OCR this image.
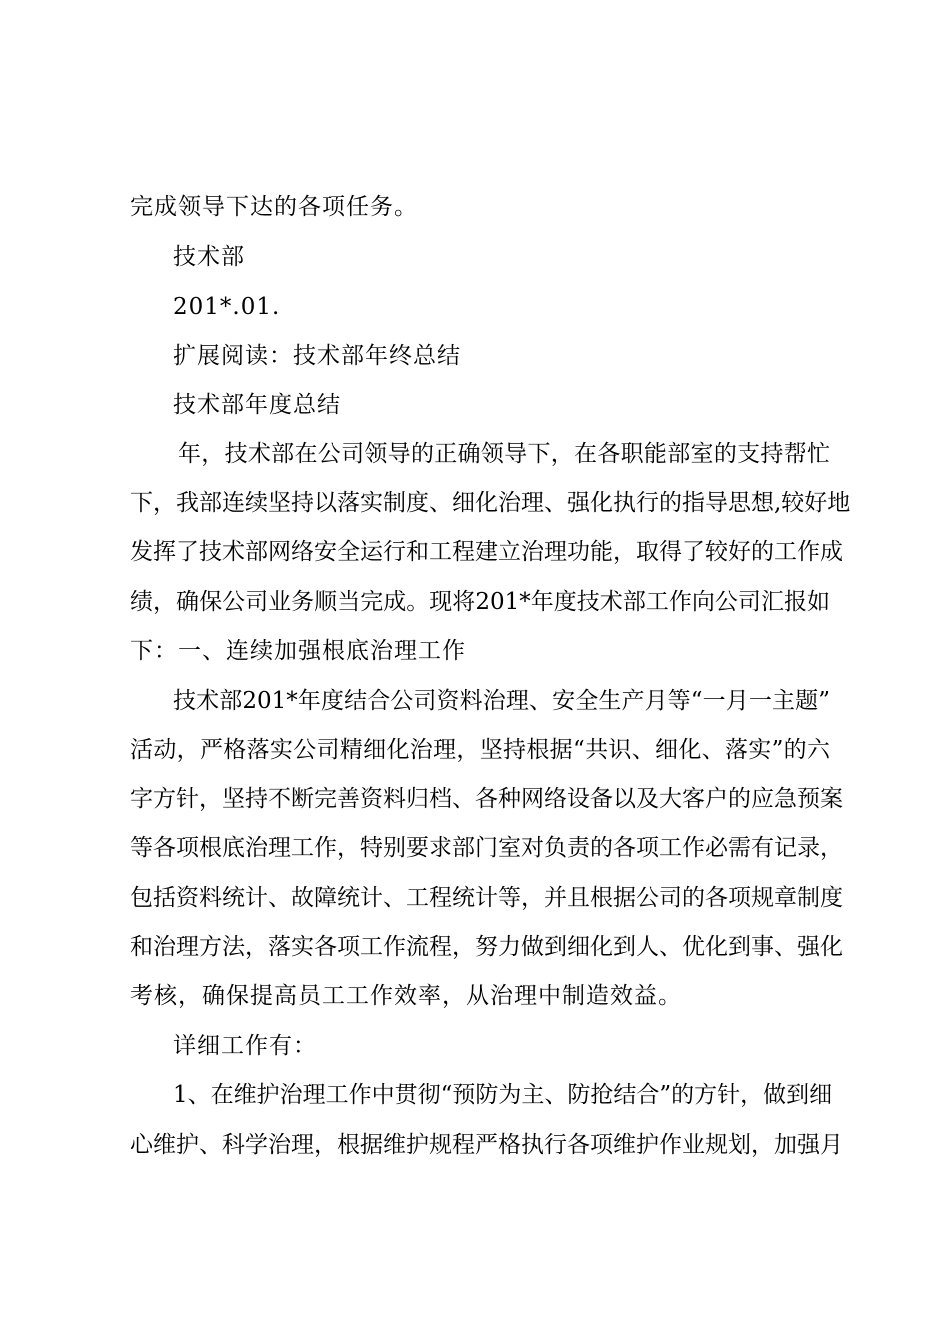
完成领导下达的各项任务。
技术部
201*.01.
扩展阅读：技术部年终总结
技术部年度总结
年，技术部在公司领导的正确领导下，在各职能部室的支持帮忙
下，我部连续坚持以落实制度、细化治理、强化执行的指导思想,较好地
发挥了技术部网络安全运行和工程建立治理功能，取得了较好的工作成
绩，确保公司业务顺当完成。现将201*年度技术部工作向公司汇报如
下：一、连续加强根底治理工作
技术部201*年度结合公司资料治理、安全生产月等“一月一主题”
活动，严格落实公司精细化治理，坚持根据“共识、细化、落实”的六
字方针，坚持不断完善资料归档、各种网络设备以及大客户的应急预案
等各项根底治理工作，特别要求部门室对负责的各项工作必需有记录，
包括资料统计、故障统计、工程统计等，并且根据公司的各项规章制度
和治理方法，落实各项工作流程，努力做到细化到人、优化到事、强化
考核，确保提高员工工作效率，从治理中制造效益。
详细工作有：
1、在维护治理工作中贯彻“预防为主、防抢结合”的方针，做到细
心维护、科学治理，根据维护规程严格执行各项维护作业规划，加强月
